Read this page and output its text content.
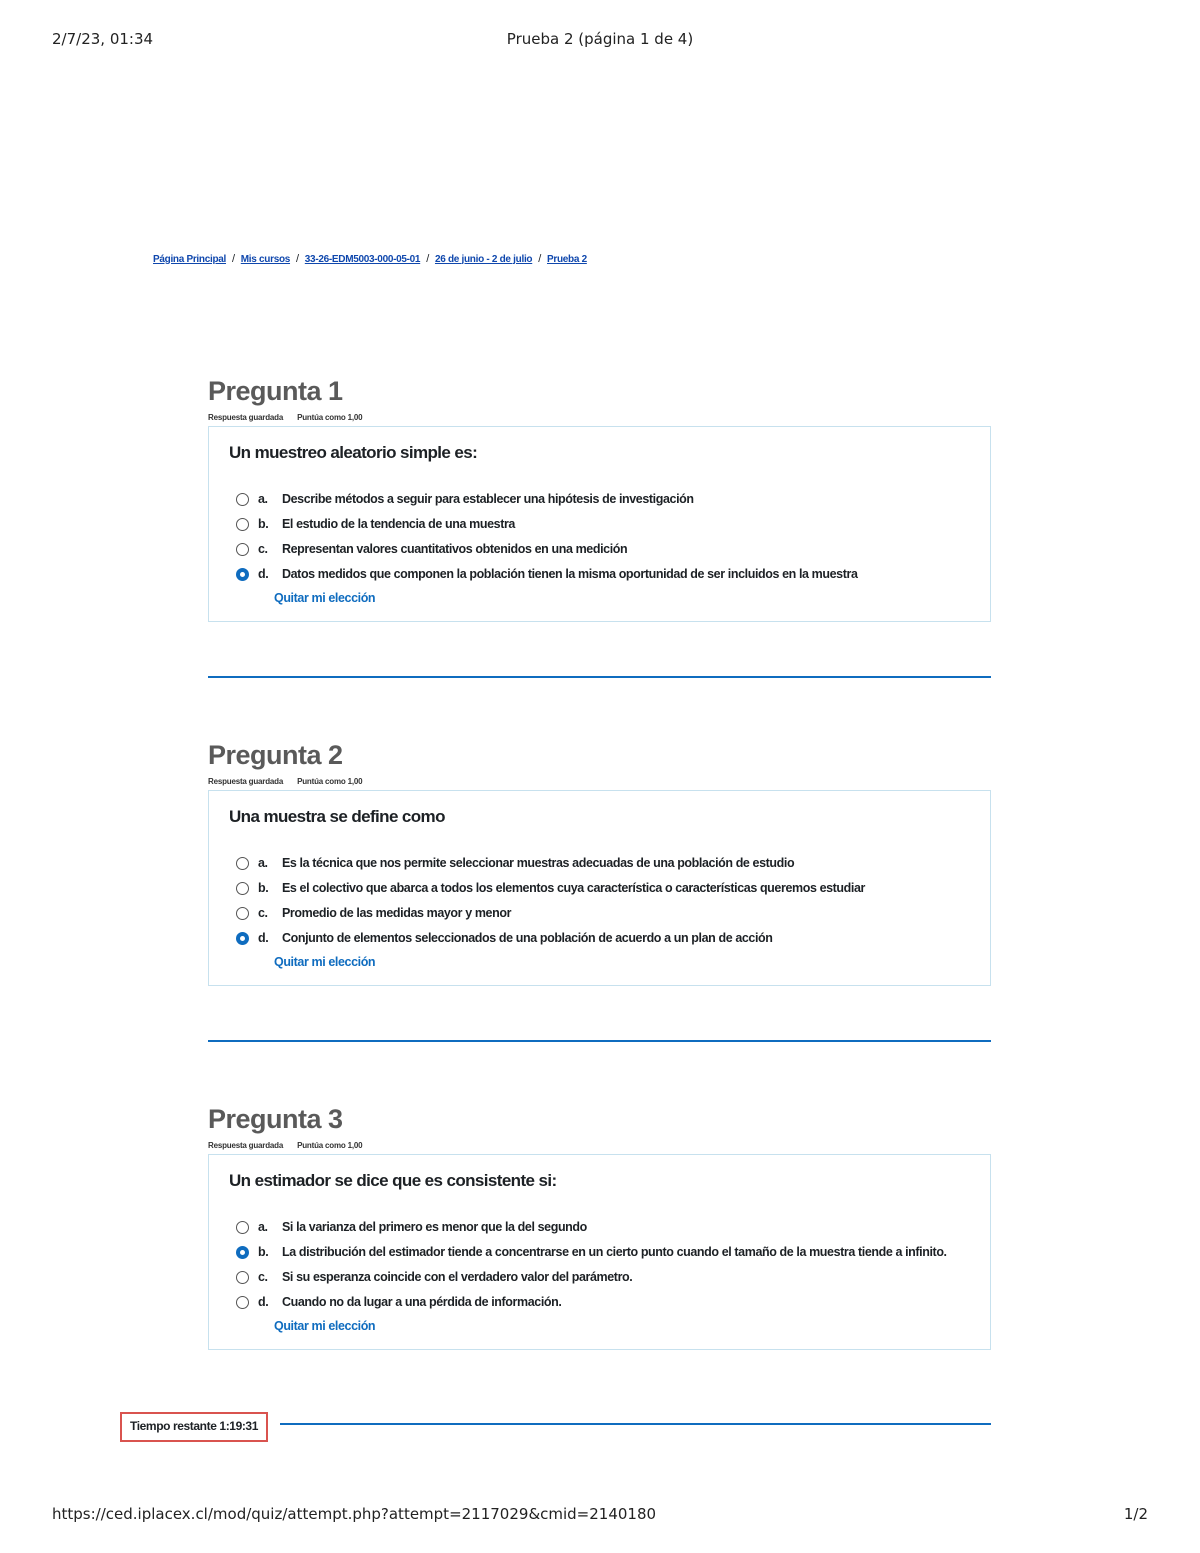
2/7/23, 01:34	Prueba 2 (página 1 de 4)
Página Principal / Mis cursos / 33-26-EDM5003-000-05-01 / 26 de junio - 2 de julio / Prueba 2
Pregunta 1
Respuesta guardada Puntúa como 1,00
Un muestreo aleatorio simple es:
a.	Describe métodos a seguir para establecer una hipótesis de investigación
b.	El estudio de la tendencia de una muestra
c.	Representan valores cuantitativos obtenidos en una medición
d.	Datos medidos que componen la población tienen la misma oportunidad de ser incluidos en la muestra
Quitar mi elección
Pregunta 2
Respuesta guardada Puntúa como 1,00
Una muestra se define como
a.	Es la técnica que nos permite seleccionar muestras adecuadas de una población de estudio
b.	Es el colectivo que abarca a todos los elementos cuya característica o características queremos estudiar
c.	Promedio de las medidas mayor y menor
d.	Conjunto de elementos seleccionados de una población de acuerdo a un plan de acción
Quitar mi elección
Pregunta 3
Respuesta guardada Puntúa como 1,00
Un estimador se dice que es consistente si:
a.	Si la varianza del primero es menor que la del segundo
b.	La distribución del estimador tiende a concentrarse en un cierto punto cuando el tamaño de la muestra tiende a infinito.
c.	Si su esperanza coincide con el verdadero valor del parámetro.
d.	Cuando no da lugar a una pérdida de información.
Quitar mi elección
Tiempo restante 1:19:31
https://ced.iplacex.cl/mod/quiz/attempt.php?attempt=2117029&cmid=2140180	1/2
